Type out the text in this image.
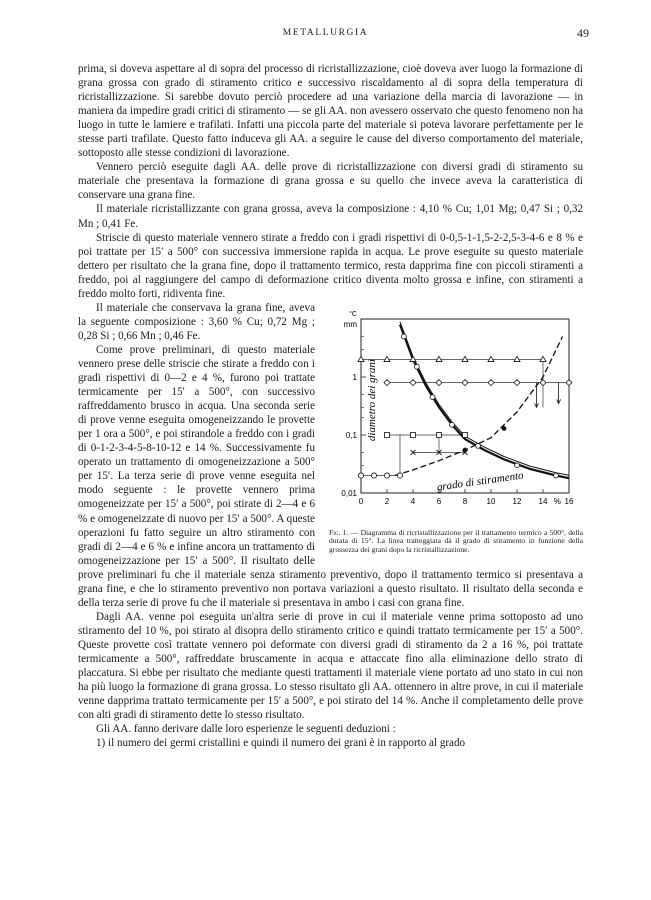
METALLURGIA	49

prima, si doveva aspettare al di sopra del processo di ricristallizzazione, cioè doveva aver luogo la formazione di grana grossa con grado di stiramento critico e successivo riscaldamento al di sopra della temperatura di ricristallizzazione. Si sarebbe dovuto perciò procedere ad una variazione della marcia di lavorazione — in maniera da impedire gradi critici di stiramento — se gli AA. non avessero osservato che questo fenomeno non ha luogo in tutte le lamiere e trafilati. Infatti una piccola parte del materiale si poteva lavorare perfettamente per le stesse parti trafilate. Questo fatto induceva gli AA. a seguire le cause del diverso comportamento del materiale, sottoposto alle stesse condizioni di lavorazione.

Vennero perciò eseguite dagli AA. delle prove di ricristallizzazione con diversi gradi di stiramento su materiale che presentava la formazione di grana grossa e su quello che invece aveva la caratteristica di conservare una grana fine.

Il materiale ricristallizzante con grana grossa, aveva la composizione : 4,10 % Cu; 1,01 Mg; 0,47 Si ; 0,32 Mn ; 0,41 Fe.

Striscie di questo materiale vennero stirate a freddo con i gradi rispettivi di 0-0,5-1-1,5-2-2,5-3-4-6 e 8 % e poi trattate per 15′ a 500° con successiva immersione rapida in acqua. Le prove eseguite su questo materiale dettero per risultato che la grana fine, dopo il trattamento termico, resta dapprima fine con piccoli stiramenti a freddo, poi al raggiungere del campo di deformazione critico diventa molto grossa e infine, con stiramenti a freddo molto forti, ridiventa fine.

0	2	4	6	8 10 12 14 16
%
0,01
0,1
1
mm
°C
grado di stiramento
diametro dei grani
Fig. 1. — Diagramma di ricristallizzazione per il trattamento termico a 500°, della durata di 15°. La linea tratteggiata dà il grado di stiramento in funzione della grossezza dei grani dopo la ricristallizzazione.

Il materiale che conservava la grana fine, aveva la seguente composizione : 3,60 % Cu; 0,72 Mg ; 0,28 Si ; 0,66 Mn ; 0,46 Fe.

Come prove preliminari, di questo materiale vennero prese delle striscie che stirate a freddo con i gradi rispettivi di 0—2 e 4 %, furono poi trattate termicamente per 15′ a 500°, con successivo raffreddamento brusco in acqua. Una seconda serie di prove venne eseguita omogeneizzando le provette per 1 ora a 500°, e poi stirandole a freddo con i gradi di 0-1-2-3-4-5-8-10-12 e 14 %. Successivamente fu operato un trattamento di omogeneizzazione a 500° per 15′. La terza serie di prove venne eseguita nel modo seguente : le provette vennero prima omogeneizzate per 15′ a 500°, poi stirate di 2—4 e 6 % e omogeneizzate di nuovo per 15′ a 500°. A queste operazioni fu fatto seguire un altro stiramento con gradi di 2—4 e 6 % e infine ancora un trattamento di omogeneizzazione per 15′ a 500°. Il risultato delle prove preliminari fu che il materiale senza stiramento preventivo, dopo il trattamento termico si presentava a grana fine, e che lo stiramento preventivo non portava variazioni a questo risultato. Il risultato della seconda e della terza serie di prove fu che il materiale si presentava in ambo i casi con grana fine.

Dagli AA. venne poi eseguita un'altra serie di prove in cui il materiale venne prima sottoposto ad uno stiramento del 10 %, poi stirato al disopra dello stiramento critico e quindi trattato termicamente per 15′ a 500°. Queste provette così trattate vennero poi deformate con diversi gradi di stiramento da 2 a 16 %, poi trattate termicamente a 500°, raffreddate bruscamente in acqua e attaccate fino alla eliminazione dello strato di placcatura. Si ebbe per risultato che mediante questi trattamenti il materiale viene portato ad uno stato in cui non ha più luogo la formazione di grana grossa. Lo stesso risultato gli AA. ottennero in altre prove, in cui il materiale venne dapprima trattato termicamente per 15′ a 500°, e poi stirato del 14 %. Anche il completamento delle prove con alti gradi di stiramento dette lo stesso risultato.

Gli AA. fanno derivare dalle loro esperienze le seguenti deduzioni :

1) il numero dei germi cristallini e quindi il numero dei grani è in rapporto al grado
